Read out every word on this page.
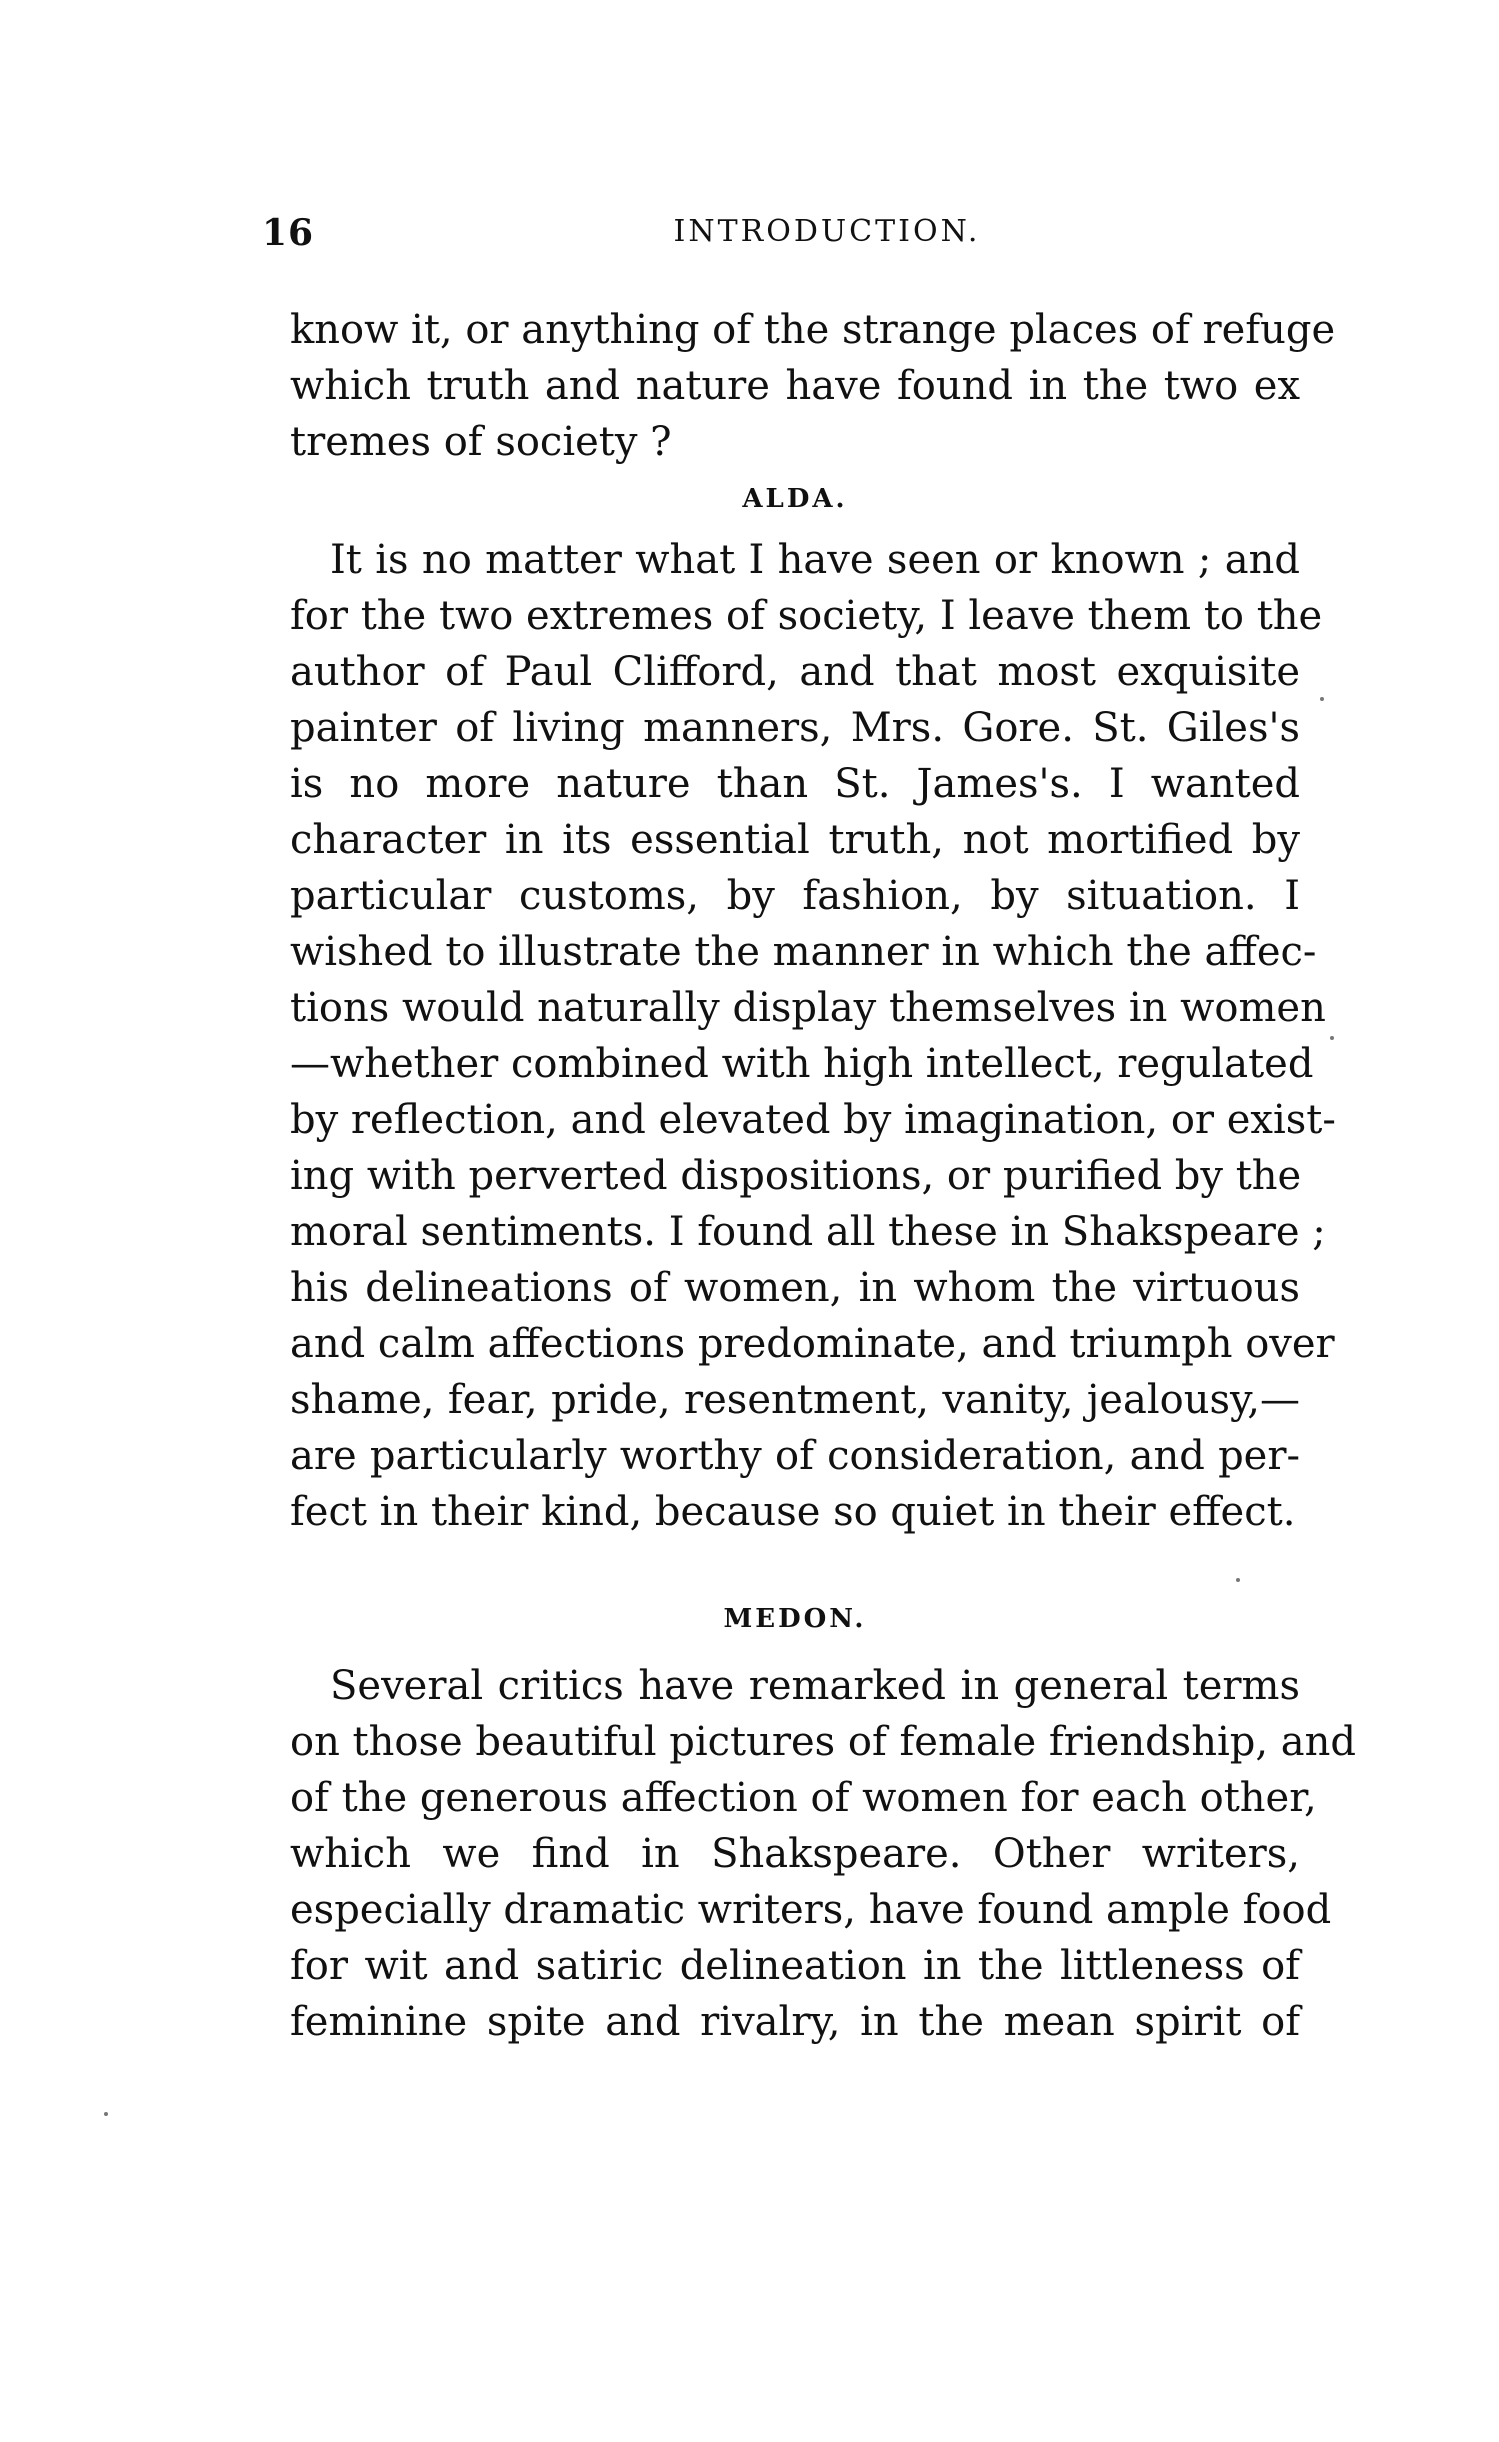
16	INTRODUCTION.
know it, or anything of the strange places of refuge
which truth and nature have found in the two ex
tremes of society ?
ALDA.
It is no matter what I have seen or known ; and
for the two extremes of society, I leave them to the
author of Paul Clifford, and that most exquisite
painter of living manners, Mrs. Gore. St. Giles's
is no more nature than St. James's. I wanted
character in its essential truth, not mortified by
particular customs, by fashion, by situation. I
wished to illustrate the manner in which the affec-
tions would naturally display themselves in women
—whether combined with high intellect, regulated
by reflection, and elevated by imagination, or exist-
ing with perverted dispositions, or purified by the
moral sentiments. I found all these in Shakspeare ;
his delineations of women, in whom the virtuous
and calm affections predominate, and triumph over
shame, fear, pride, resentment, vanity, jealousy,—
are particularly worthy of consideration, and per-
fect in their kind, because so quiet in their effect.
MEDON.
Several critics have remarked in general terms
on those beautiful pictures of female friendship, and
of the generous affection of women for each other,
which we find in Shakspeare. Other writers,
especially dramatic writers, have found ample food
for wit and satiric delineation in the littleness of
feminine spite and rivalry, in the mean spirit of
